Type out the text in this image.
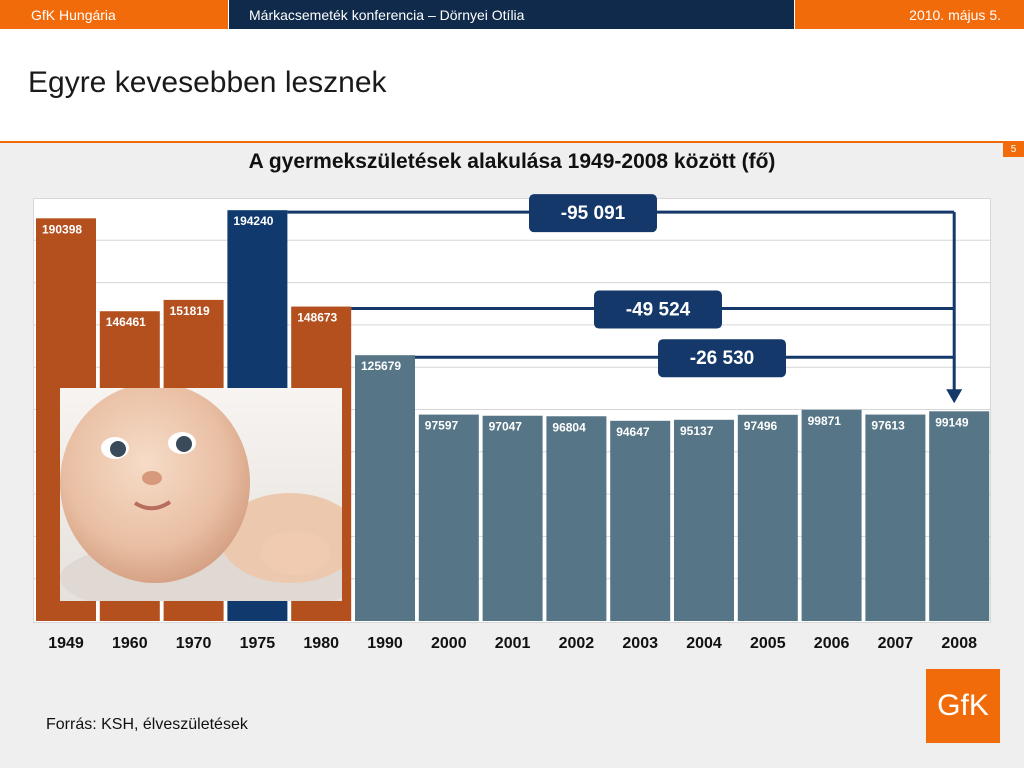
GfK Hungária	Márkacsemeték konferencia – Dörnyei Otília	2010. május 5.
Egyre kevesebben lesznek
5
A gyermekszületések alakulása 1949-2008 között (fő)
190398
1949
146461
1960
151819
1970
194240
1975
148673
1980
125679
1990
97597
2000
97047
2001
96804
2002
94647
2003
95137
2004
97496
2005
99871
2006
97613
2007
99149
2008
-95 091
-49 524
-26 530
Forrás: KSH, élveszületések
GfK
